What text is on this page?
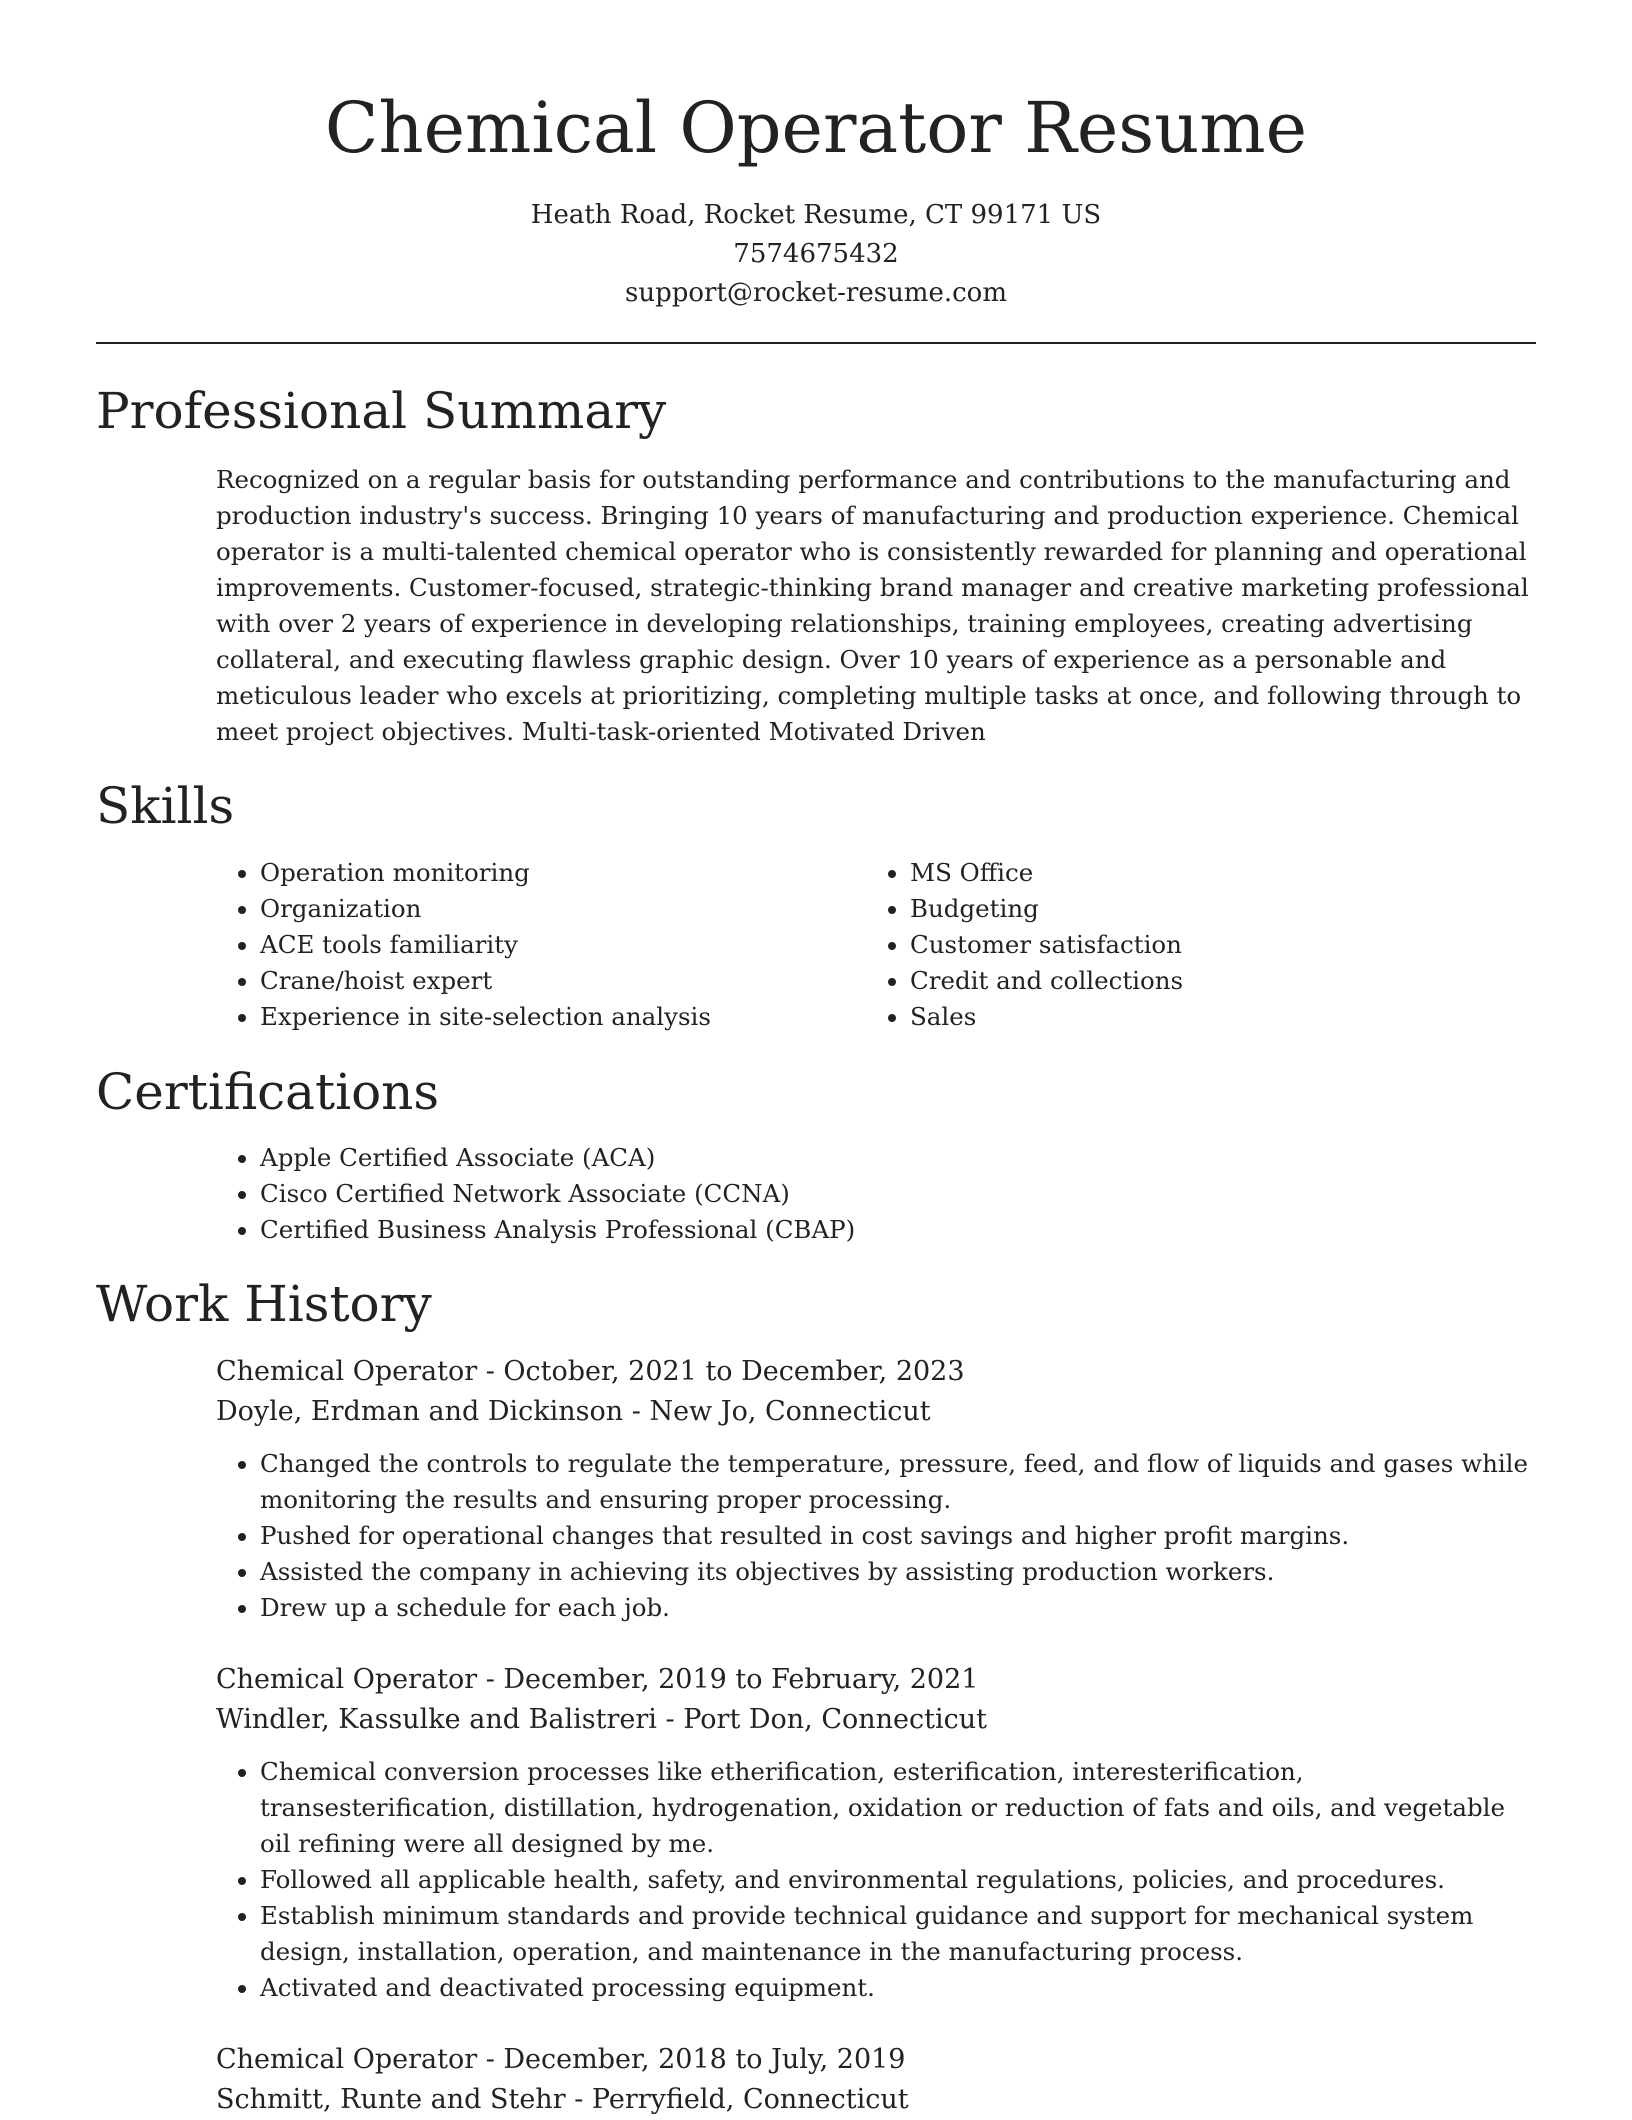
Chemical Operator Resume
Heath Road, Rocket Resume, CT 99171 US
7574675432
support@rocket-resume.com
Professional Summary
Recognized on a regular basis for outstanding performance and contributions to the manufacturing and production industry's success. Bringing 10 years of manufacturing and production experience. Chemical operator is a multi-talented chemical operator who is consistently rewarded for planning and operational improvements. Customer-focused, strategic-thinking brand manager and creative marketing professional with over 2 years of experience in developing relationships, training employees, creating advertising collateral, and executing flawless graphic design. Over 10 years of experience as a personable and meticulous leader who excels at prioritizing, completing multiple tasks at once, and following through to meet project objectives. Multi-task-oriented Motivated Driven
Skills
• Operation monitoring
• Organization
• ACE tools familiarity
• Crane/hoist expert
• Experience in site-selection analysis
• MS Office
• Budgeting
• Customer satisfaction
• Credit and collections
• Sales
Certifications
• Apple Certified Associate (ACA)
• Cisco Certified Network Associate (CCNA)
• Certified Business Analysis Professional (CBAP)
Work History
Chemical Operator - October, 2021 to December, 2023
Doyle, Erdman and Dickinson - New Jo, Connecticut
• Changed the controls to regulate the temperature, pressure, feed, and flow of liquids and gases while monitoring the results and ensuring proper processing.
• Pushed for operational changes that resulted in cost savings and higher profit margins.
• Assisted the company in achieving its objectives by assisting production workers.
• Drew up a schedule for each job.
Chemical Operator - December, 2019 to February, 2021
Windler, Kassulke and Balistreri - Port Don, Connecticut
• Chemical conversion processes like etherification, esterification, interesterification, transesterification, distillation, hydrogenation, oxidation or reduction of fats and oils, and vegetable oil refining were all designed by me.
• Followed all applicable health, safety, and environmental regulations, policies, and procedures.
• Establish minimum standards and provide technical guidance and support for mechanical system design, installation, operation, and maintenance in the manufacturing process.
• Activated and deactivated processing equipment.
Chemical Operator - December, 2018 to July, 2019
Schmitt, Runte and Stehr - Perryfield, Connecticut
